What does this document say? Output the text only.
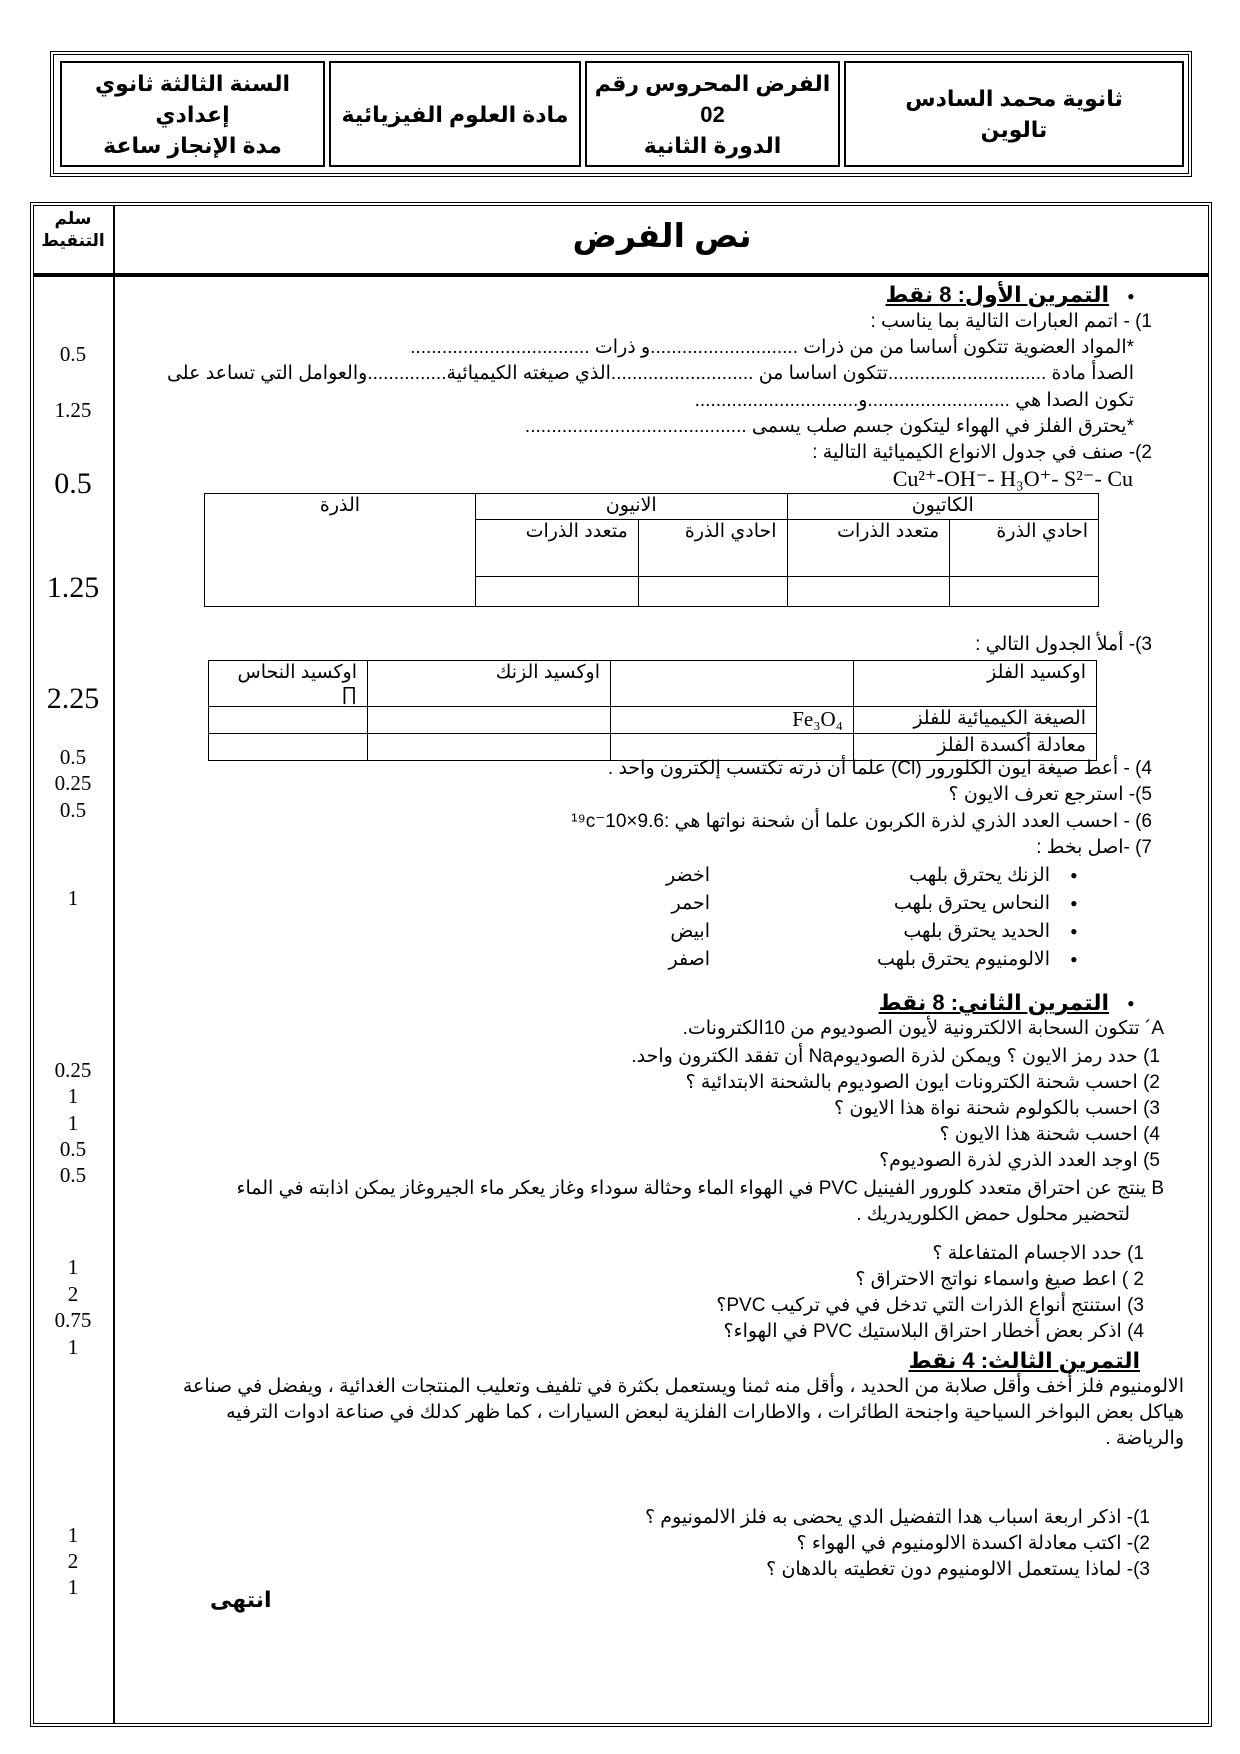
السنة الثالثة ثانوي إعدادي
مدة الإنجاز ساعة
مادة العلوم الفيزيائية
الفرض المحروس رقم 02
الدورة الثانية
ثانوية محمد السادس
تالوين
سلم
التنقيط	نص الفرض
0.5
1.25
0.5
1.25
2.25
0.5
0.25
0.5
1
0.25
1
1
0.5
0.5
1
2
0.75
1
1
2
1
•
التمرين الأول: 8 نقط
1) - اتمم العبارات التالية بما يناسب :
*المواد العضوية تتكون أساسا من من ذرات ............................و ذرات ..................................
الصدأ مادة ..............................تتكون اساسا من ...........................الذي صيغته الكيميائية...............والعوامل التي تساعد على
تكون الصدا هي ...........................و...............................
*يحترق الفلز في الهواء ليتكون جسم صلب يسمى ..........................................
2)- صنف في جدول الانواع الكيميائية التالية :
Cu²⁺-OH⁻- H₃O⁺- S²⁻- Cu
الكاتيون		الانيون		الذرة
احادي الذرة	متعدد الذرات	احادي الذرة	متعدد الذرات	

3)- أملأ الجدول التالي :
اوكسيد الفلز		اوكسيد الزنك	اوكسيد النحاس ∏
الصيغة الكيميائية للفلز	Fe₃O₄		
معادلة أكسدة الفلز			
4) - أعط صيغة ايون الكلورور (Cl) علما أن ذرته تكتسب إلكترون واحد .
5)- استرجع تعرف الايون ؟
6) - احسب العدد الذري لذرة الكربون علما أن شحنة نواتها هي :9.6×10⁻¹⁹c
7) -اصل بخط :
•
الزنك يحترق بلهب
اخضر
•
النحاس يحترق بلهب
احمر
•
الحديد يحترق بلهب
ابيض
•
الالومنيوم يحترق بلهب
اصفر
•
التمرين الثاني: 8 نقط
A´ تتكون السحابة الالكترونية لأيون الصوديوم من 10الكترونات.
1) حدد رمز الايون ؟ ويمكن لذرة الصوديومNa أن تفقد الكترون واحد.
2) احسب شحنة الكترونات ايون الصوديوم بالشحنة الابتدائية ؟
3) احسب بالكولوم شحنة نواة هذا الايون ؟
4) احسب شحنة هذا الايون ؟
5) اوجد العدد الذري لذرة الصوديوم؟
B ينتج عن احتراق متعدد كلورور الفينيل PVC في الهواء الماء وحثالة سوداء وغاز يعكر ماء الجيروغاز يمكن اذابته في الماء
لتحضير محلول حمض الكلوريدريك .
1) حدد الاجسام المتفاعلة ؟
2 ) اعط صيغ واسماء نواتج الاحتراق ؟
3) استنتج أنواع الذرات التي تدخل في في تركيب PVC؟
4) اذكر بعض أخطار احتراق البلاستيك PVC في الهواء؟
التمرين الثالث: 4 نقط
الالومنيوم فلز أخف وأقل صلابة من الحديد ، وأقل منه ثمنا ويستعمل بكثرة في تلفيف وتعليب المنتجات الغدائية ، ويفضل في صناعة
هياكل بعض البواخر السياحية واجنحة الطائرات ، والاطارات الفلزية لبعض السيارات ، كما ظهر كدلك في صناعة ادوات الترفيه
والرياضة .
1)- اذكر اربعة اسباب هدا التفضيل الدي يحضى به فلز الالمونيوم ؟
2)- اكتب معادلة اكسدة الالومنيوم في الهواء ؟
3)- لماذا يستعمل الالومنيوم دون تغطيته بالدهان ؟
انتهى
